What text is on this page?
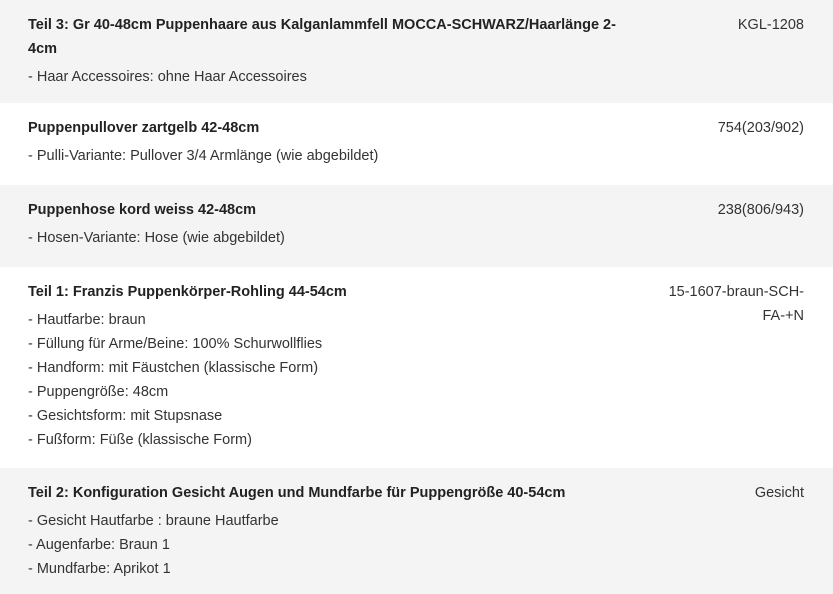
Teil 3: Gr 40-48cm Puppenhaare aus Kalganlammfell MOCCA-SCHWARZ/Haarlänge 2-4cm
- Haar Accessoires: ohne Haar Accessoires
KGL-1208
Puppenpullover zartgelb 42-48cm
- Pulli-Variante: Pullover 3/4 Armlänge (wie abgebildet)
754(203/902)
Puppenhose kord weiss 42-48cm
- Hosen-Variante: Hose (wie abgebildet)
238(806/943)
Teil 1: Franzis Puppenkörper-Rohling 44-54cm
- Hautfarbe: braun
- Füllung für Arme/Beine: 100% Schurwollflies
- Handform: mit Fäustchen (klassische Form)
- Puppengröße: 48cm
- Gesichtsform: mit Stupsnase
- Fußform: Füße (klassische Form)
15-1607-braun-SCH-FA-+N
Teil 2: Konfiguration Gesicht Augen und Mundfarbe für Puppengröße 40-54cm
- Gesicht Hautfarbe : braune Hautfarbe
- Augenfarbe: Braun 1
- Mundfarbe: Aprikot 1
Gesicht
